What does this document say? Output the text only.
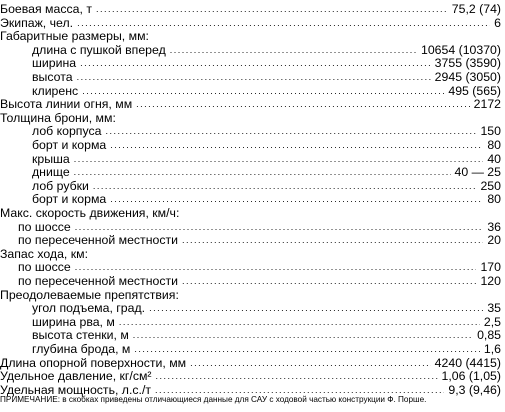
Боевая масса, т .....	75,2 (74)
Экипаж, чел. .....	6
Габаритные размеры, мм:
длина с пушкой вперед .....	10654 (10370)
ширина .....	3755 (3590)
высота .....	2945 (3050)
клиренс .....	495 (565)
Высота линии огня, мм .....	2172
Толщина брони, мм:
лоб корпуса .....	150
борт и корма .....	80
крыша .....	40
днище .....	40 — 25
лоб рубки .....	250
борт и корма .....	80
Макс. скорость движения, км/ч:
по шоссе .....	36
по пересеченной местности .....	20
Запас хода, км:
по шоссе .....	170
по пересеченной местности .....	120
Преодолеваемые препятствия:
угол подъема, град. .....	35
ширина рва, м .....	2,5
высота стенки, м .....	0,85
глубина брода, м .....	1,6
Длина опорной поверхности, мм .....	4240 (4415)
Удельное давление, кг/см² .....	1,06 (1,05)
Удельная мощность, л.с./т .....	9,3 (9,46)
ПРИМЕЧАНИЕ: в скобках приведены отличающиеся данные для САУ с ходовой частью конструкции Ф. Порше.
